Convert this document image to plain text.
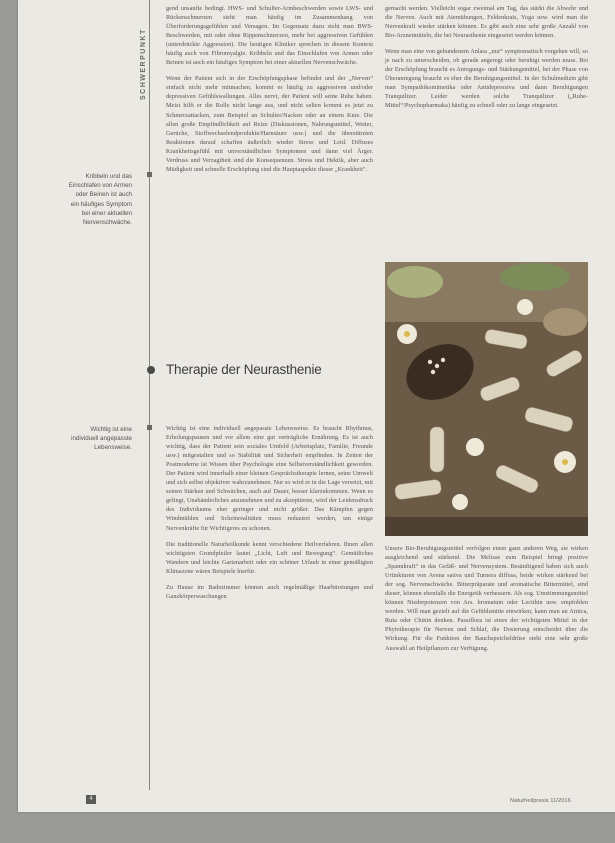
SCHWERPUNKT
Kribbeln und das Einschlafen von Armen oder Beinen ist auch ein häufiges Symptom bei einer aktuellen Nervenschwäche.
Wichtig ist eine individuell angepasste Lebensweise.

gend unsanfte bedingt. HWS- und Schulter-Armbeschwerden sowie LWS- und Rückenschmerzen sieht man häufig im Zusammenhang von Überforderungsgefühlen und Versagen. Im Gegensatz dazu steht man BWS-Beschwerden, mit oder ohne Rippenschmerzen, mehr bei aggressiven Gefühlen (unterdrückte Aggression). Die heutigen Kliniker sprechen in diesem Kontext häufig auch von Fibromyalgie. Kribbeln und das Einschlafen von Armen oder Beinen ist auch ein häufiges Symptom bei einer aktuellen Nervenschwäche.

Wenn der Patient sich in der Erschöpfungsphase befindet und der „Nerven“ einfach nicht mehr mitmachen, kommt es häufig zu aggressiven und/oder depressiven Gefühlswallungen. Alles nervt, der Patient will seine Ruhe haben. Meist hilft er die Rolle nicht lange aus, und nicht selten kommt es jetzt zu Schmerzattacken, zum Beispiel an Schulter/Nacken oder an einem Knie. Die allen große Empfindlichkeit auf Reize (Diskussionen, Nahrungsmittel, Wetter, Gerüche, Stoffwechselendprodukte/Harnsäure usw.) und die überstürzten Reaktionen darauf schaffen äußerlich wieder Stress und Leid. Diffuses Krankheitsgefühl mit unverständlichen Symptomen und dann viel Ärger. Verdruss und Verzagtheit sind die Konsequenzen. Stress und Hektik, aber auch Müdigkeit und schnelle Erschöpfung sind die Hauptaspekte dieser „Krankheit“.

Therapie der Neurasthenie

Wichtig ist eine individuell angepasste Lebensweise. Es braucht Rhythmus, Erholungspausen und vor allem eine gut verträgliche Ernährung. Es ist auch wichtig, dass der Patient sein soziales Umfeld (Arbeitsplatz, Familie, Freunde usw.) mitgestalten und so Stabilität und Sicherheit empfinden. In Zeiten der Postmoderne ist Wissen über Psychologie eine Selbstverständlichkeit geworden. Der Patient wird innerhalb einer kleinen Gesprächstherapie lernen, seine Umwelt und sich selbst objektiver wahrzunehmen. Nur so wird er in die Lage versetzt, mit seinen Stärken und Schwächen, auch auf Dauer, besser klarzukommen. Wenn es gelingt, Unabänderliches anzunehmen und zu akzeptieren, wird der Leidensdruck des Individuums eher geringer und nicht größer. Das Kämpfen gegen Windmühlen und Scheinrealitäten muss reduziert werden, um einige Nervenkräfte für Wichtigeres zu schonen.

Die traditionelle Naturheilkunde kennt verschiedene Heilverfahren. Ihnen allen wichtigsten Grundpfeiler lautet „Licht, Luft und Bewegung“. Gemütliches Wandern und leichte Gartenarbeit oder ein schöner Urlaub in einer gemäßigten Klimazone wären Beispiele hierfür.

Zu Hause im Badezimmer können auch regelmäßige Haarbürstungen und Ganzkörperwaschungen

gemacht werden. Vielleicht sogar zweimal am Tag, das stärkt die Abwehr und die Nerven. Auch mit Atemübungen, Feldenkrais, Yoga usw. wird man die Nervenkraft wieder stärken können. Es gibt auch eine sehr große Anzahl von Bio-Arzneimitteln, die bei Neurasthenie eingesetzt werden können.

Wenn man eine von gebundenem Anlass „nur“ symptomatisch vorgehen will, so je nach zu unterscheiden, ob gerade angeregt oder beruhigt werden muss. Bei der Erschöpfung braucht es Anregungs- und Stärkungsmittel, bei der Phase von Überanregung braucht es eher die Beruhigungsmittel. In der Schulmedizin gibt man Sympathikomimetika oder Antidepressiva und dann Beruhigungen Tranquilizer. Leider werden solche Tranquilizer („Ruhe-Mittel“/Psychopharmaka) häufig zu schnell oder zu lange eingesetzt.

Unsere Bio-Beruhigungsmittel verfolgen einen ganz anderen Weg, sie wirken ausgleichend und stärkend. Die Melisse zum Beispiel bringt positive „Spannkraft“ in das Gefäß- und Nervensystem. Besänftigend haben sich auch Urtinkturen von Avena sativa und Turnera diffusa, beide wirken stärkend bei der sog. Nervenschwäche. Bitterpräparate und aromatische Bittermittel, sind dieser, können ebenfalls die Energetik verbessern. Als sog. Umstimmungsmittel können Niederpotenzen von Ars. bromatum oder Lecithin usw. empfohlen werden. Will man gezielt auf die Gefühlsmitte einwirken, kann man an Arnica, Ruta oder Chinin denken. Passiflora ist eines der wichtigsten Mittel in der Phytotherapie für Nerven und Schlaf, die Dosierung entscheidet über die Wirkung. Für die Funktion der Bauchspeicheldrüse steht eine sehr große Auswahl an Heilpflanzen zur Verfügung.

4	Naturheilpraxis 11/2016
